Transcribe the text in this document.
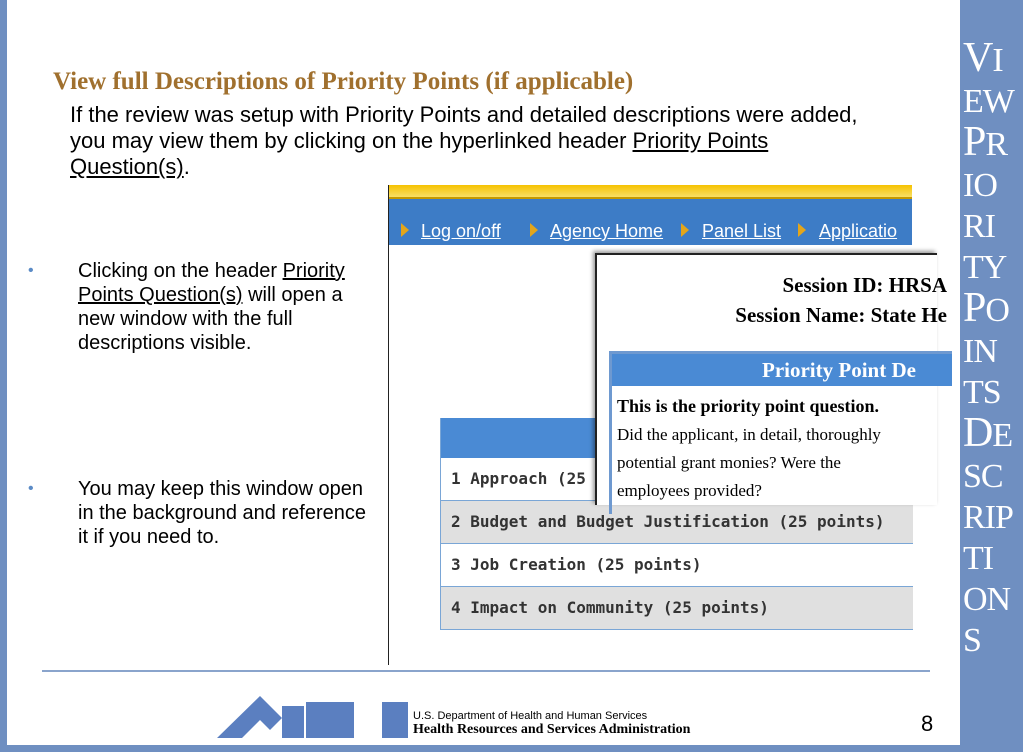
VI
EW
PR
IO
RI
TY
PO
IN
TS
DE
SC
RIP
TI
ON
S
View full Descriptions of Priority Points (if applicable)
If the review was setup with Priority Points and detailed descriptions were added, you may view them by clicking on the hyperlinked header Priority Points Question(s).
• Clicking on the header Priority Points Question(s) will open a new window with the full descriptions visible.
• You may keep this window open in the background and reference it if you need to.
Log on/off	Agency Home Panel List Applicatio
1 Approach (25
2 Budget and Budget Justification (25 points)
3 Job Creation (25 points)
4 Impact on Community (25 points)
Session ID: HRSA
Session Name: State He
Priority Point De
This is the priority point question.
Did the applicant, in detail, thoroughly
potential grant monies? Were the
employees provided?
U.S. Department of Health and Human Services
Health Resources and Services Administration	8
